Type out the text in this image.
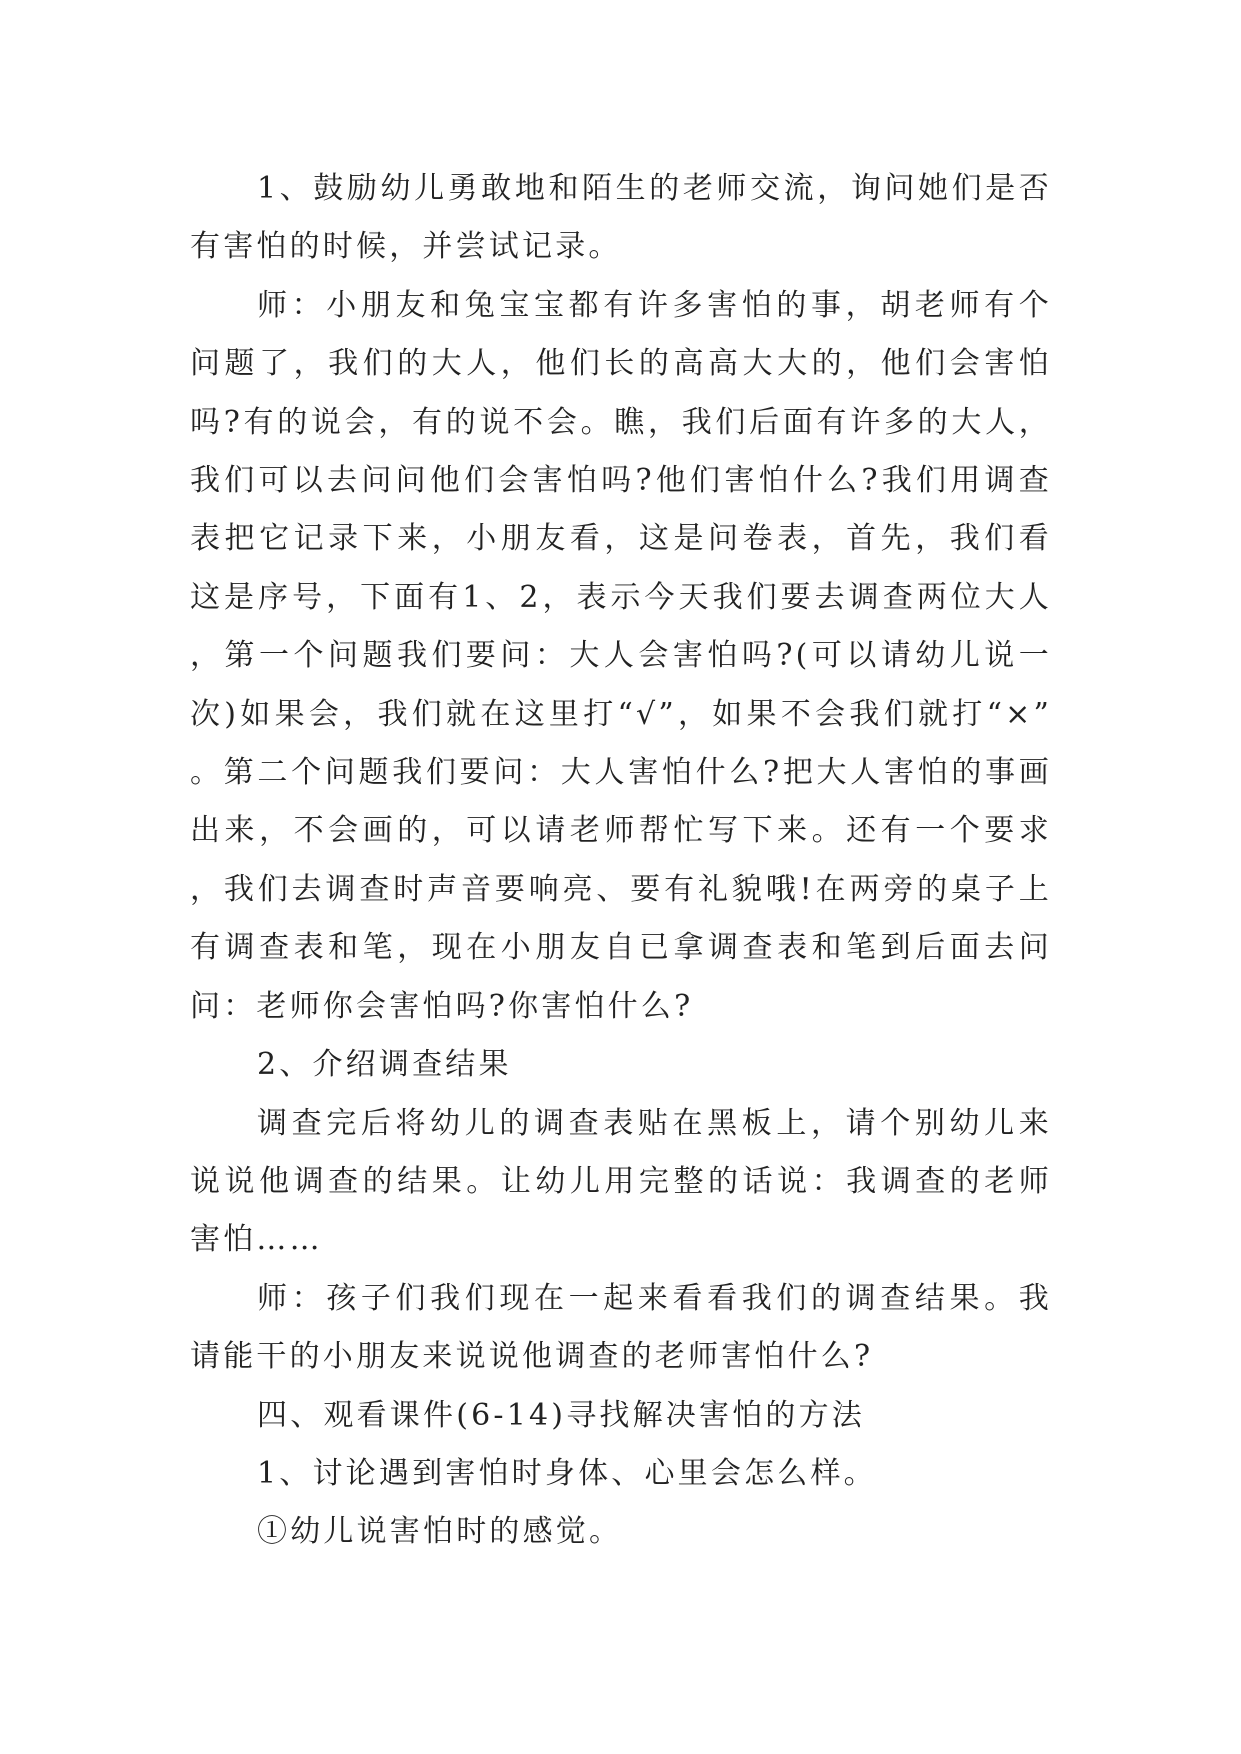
1、鼓励幼儿勇敢地和陌生的老师交流，询问她们是否有害怕的时候，并尝试记录。

师：小朋友和兔宝宝都有许多害怕的事，胡老师有个问题了，我们的大人，他们长的高高大大的，他们会害怕吗?有的说会，有的说不会。瞧，我们后面有许多的大人，我们可以去问问他们会害怕吗?他们害怕什么?我们用调查表把它记录下来，小朋友看，这是问卷表，首先，我们看这是序号，下面有1、2，表示今天我们要去调查两位大人，第一个问题我们要问：大人会害怕吗?(可以请幼儿说一次)如果会，我们就在这里打“√”，如果不会我们就打“×”。第二个问题我们要问：大人害怕什么?把大人害怕的事画出来，不会画的，可以请老师帮忙写下来。还有一个要求，我们去调查时声音要响亮、要有礼貌哦!在两旁的桌子上有调查表和笔，现在小朋友自已拿调查表和笔到后面去问问：老师你会害怕吗?你害怕什么?

2、介绍调查结果

调查完后将幼儿的调查表贴在黑板上，请个别幼儿来说说他调查的结果。让幼儿用完整的话说：我调查的老师害怕……

师：孩子们我们现在一起来看看我们的调查结果。我请能干的小朋友来说说他调查的老师害怕什么?

四、观看课件(6-14)寻找解决害怕的方法

1、讨论遇到害怕时身体、心里会怎么样。

①幼儿说害怕时的感觉。
